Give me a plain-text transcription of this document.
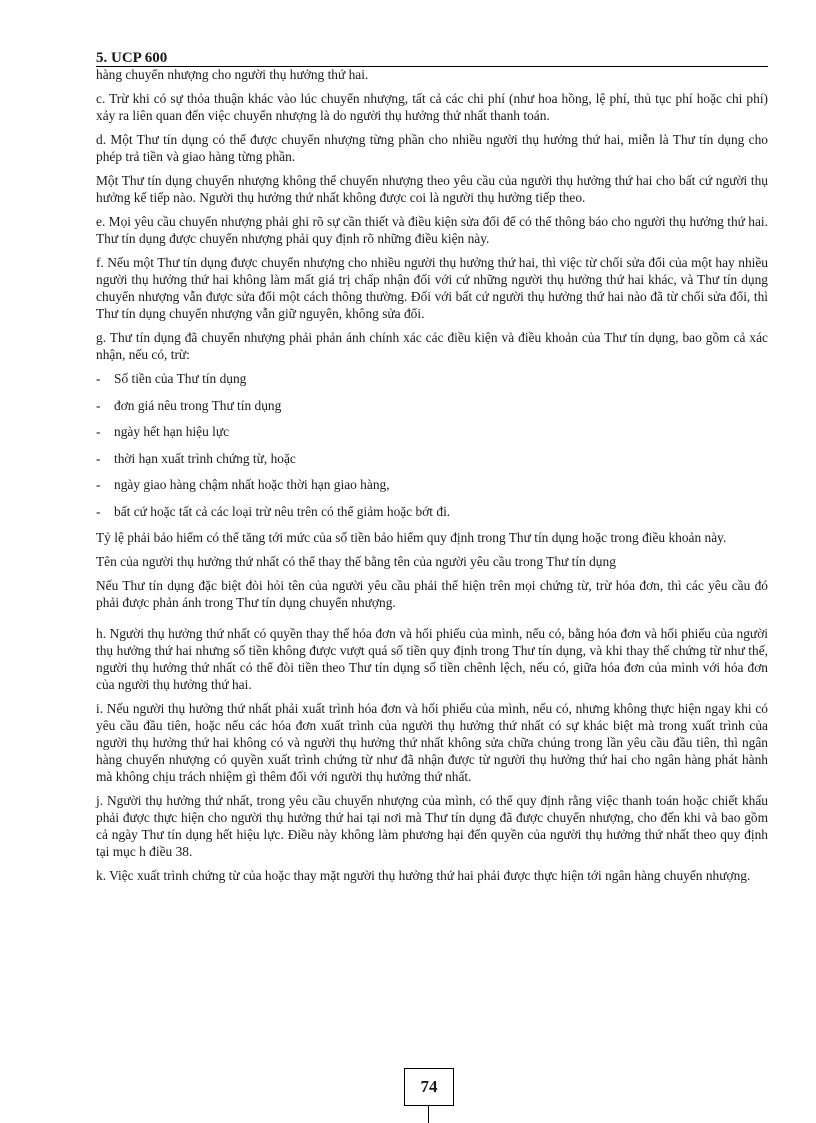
5. UCP 600

hàng chuyển nhượng cho người thụ hưởng thứ hai.

c. Trừ khi có sự thỏa thuận khác vào lúc chuyển nhượng, tất cả các chi phí (như hoa hồng, lệ phí, thủ tục phí hoặc chi phí) xảy ra liên quan đến việc chuyển nhượng là do người thụ hưởng thứ nhất thanh toán.

d. Một Thư tín dụng có thể được chuyển nhượng từng phần cho nhiều người thụ hưởng thứ hai, miễn là Thư tín dụng cho phép trả tiền và giao hàng từng phần.

Một Thư tín dụng chuyển nhượng không thể chuyển nhượng theo yêu cầu của người thụ hưởng thứ hai cho bất cứ người thụ hưởng kế tiếp nào. Người thụ hưởng thứ nhất không được coi là người thụ hưởng tiếp theo.

e. Mọi yêu cầu chuyển nhượng phải ghi rõ sự cần thiết và điều kiện sửa đổi để có thể thông báo cho người thụ hưởng thứ hai. Thư tín dụng được chuyển nhượng phải quy định rõ những điều kiện này.

f. Nếu một Thư tín dụng được chuyển nhượng cho nhiều người thụ hưởng thứ hai, thì việc từ chối sửa đổi của một hay nhiều người thụ hưởng thứ hai không làm mất giá trị chấp nhận đối với cứ những người thụ hưởng thứ hai khác, và Thư tín dụng chuyển nhượng vẫn được sửa đổi một cách thông thường. Đối với bất cứ người thụ hưởng thứ hai nào đã từ chối sửa đổi, thì Thư tín dụng chuyển nhượng vẫn giữ nguyên, không sửa đổi.

g. Thư tín dụng đã chuyển nhượng phải phản ánh chính xác các điều kiện và điều khoản của Thư tín dụng, bao gồm cả xác nhận, nếu có, trừ:

- Số tiền của Thư tín dụng
- đơn giá nêu trong Thư tín dụng
- ngày hết hạn hiệu lực
- thời hạn xuất trình chứng từ, hoặc
- ngày giao hàng chậm nhất hoặc thời hạn giao hàng,
- bất cứ hoặc tất cả các loại trừ nêu trên có thể giảm hoặc bớt đi.

Tỷ lệ phải bảo hiểm có thể tăng tới mức của số tiền bảo hiểm quy định trong Thư tín dụng hoặc trong điều khoản này.

Tên của người thụ hưởng thứ nhất có thể thay thế bằng tên của người yêu cầu trong Thư tín dụng

Nếu Thư tín dụng đặc biệt đòi hỏi tên của người yêu cầu phải thể hiện trên mọi chứng từ, trừ hóa đơn, thì các yêu cầu đó phải được phản ánh trong Thư tín dụng chuyển nhượng.

h. Người thụ hưởng thứ nhất có quyền thay thế hóa đơn và hối phiếu của mình, nếu có, bằng hóa đơn và hối phiếu của người thụ hưởng thứ hai nhưng số tiền không được vượt quá số tiền quy định trong Thư tín dụng, và khi thay thế chứng từ như thế, người thụ hưởng thứ nhất có thể đòi tiền theo Thư tín dụng số tiền chênh lệch, nếu có, giữa hóa đơn của mình với hóa đơn của người thụ hưởng thứ hai.

i. Nếu người thụ hưởng thứ nhất phải xuất trình hóa đơn và hối phiếu của mình, nếu có, nhưng không thực hiện ngay khi có yêu cầu đầu tiên, hoặc nếu các hóa đơn xuất trình của người thụ hưởng thứ nhất có sự khác biệt mà trong xuất trình của người thụ hưởng thứ hai không có và người thụ hưởng thứ nhất không sửa chữa chúng trong lần yêu cầu đầu tiên, thì ngân hàng chuyển nhượng có quyền xuất trình chứng từ như đã nhận được từ người thụ hưởng thứ hai cho ngân hàng phát hành mà không chịu trách nhiệm gì thêm đối với người thụ hưởng thứ nhất.

j. Người thụ hưởng thứ nhất, trong yêu cầu chuyển nhượng của mình, có thể quy định rằng việc thanh toán hoặc chiết khấu phải được thực hiện cho người thụ hưởng thứ hai tại nơi mà Thư tín dụng đã được chuyển nhượng, cho đến khi và bao gồm cả ngày Thư tín dụng hết hiệu lực. Điều này không làm phương hại đến quyền của người thụ hưởng thứ nhất theo quy định tại mục h điều 38.

k. Việc xuất trình chứng từ của hoặc thay mặt người thụ hưởng thứ hai phải được thực hiện tới ngân hàng chuyển nhượng.

74
